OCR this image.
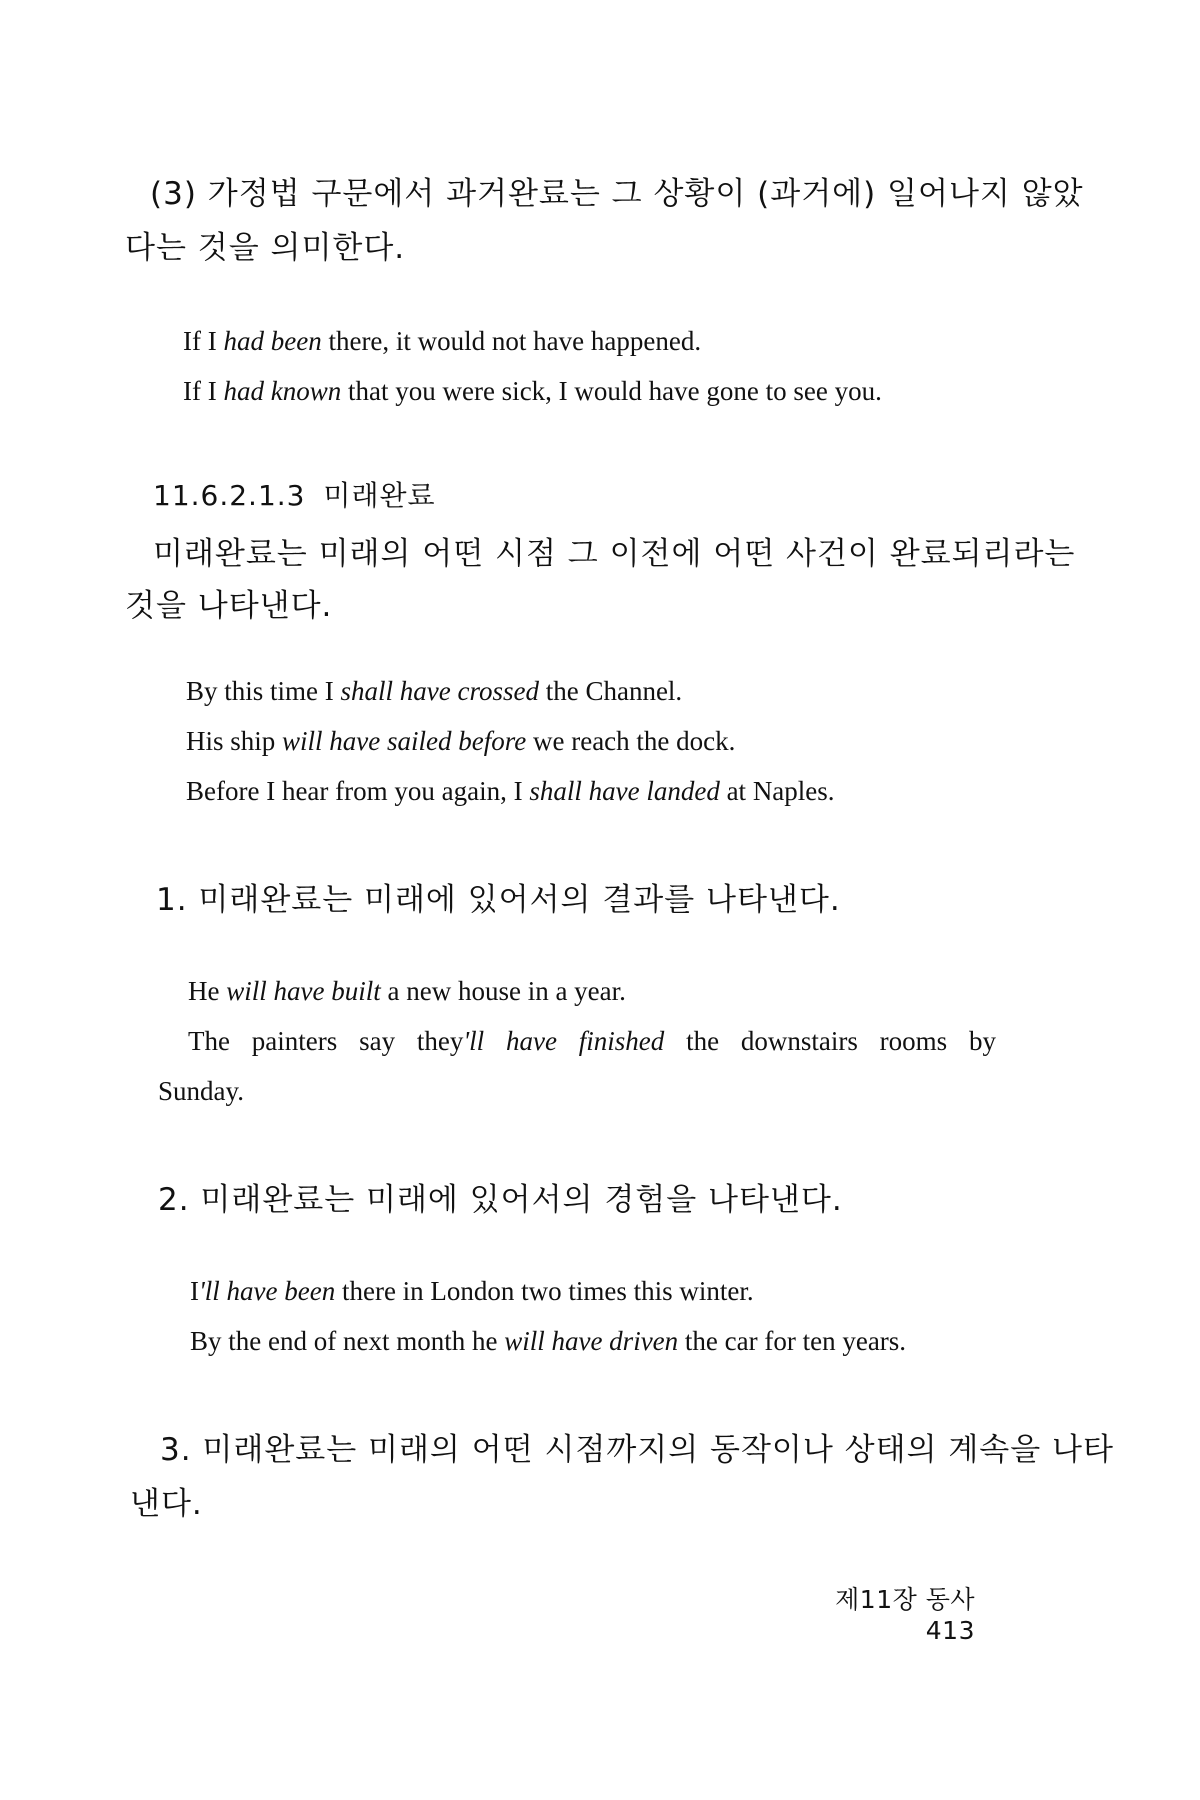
(3) 가정법 구문에서 과거완료는 그 상황이 (과거에) 일어나지 않았

다는 것을 의미한다.

If I had been there, it would not have happened.

If I had known that you were sick, I would have gone to see you.

11.6.2.1.3 미래완료

미래완료는 미래의 어떤 시점 그 이전에 어떤 사건이 완료되리라는

것을 나타낸다.

By this time I shall have crossed the Channel.

His ship will have sailed before we reach the dock.

Before I hear from you again, I shall have landed at Naples.

1. 미래완료는 미래에 있어서의 결과를 나타낸다.

He will have built a new house in a year.

The painters say they'll have finished the downstairs rooms by

Sunday.

2. 미래완료는 미래에 있어서의 경험을 나타낸다.

I'll have been there in London two times this winter.

By the end of next month he will have driven the car for ten years.

3. 미래완료는 미래의 어떤 시점까지의 동작이나 상태의 계속을 나타

낸다.

제11장 동사 413
